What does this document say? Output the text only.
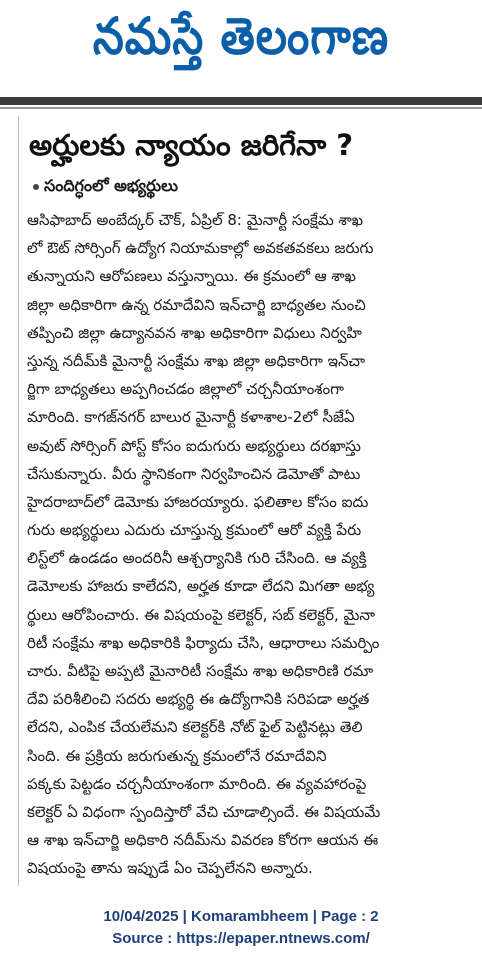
నమస్తే తెలంగాణ
అర్హులకు న్యాయం జరిగేనా ?
సందిగ్ధంలో అభ్యర్థులు
ఆసిఫాబాద్ అంబేద్కర్ చౌక్, ఏప్రిల్ 8: మైనార్టీ సంక్షేమ శాఖ
లో ఔట్ సోర్సింగ్ ఉద్యోగ నియామకాల్లో అవకతవకలు జరుగు
తున్నాయని ఆరోపణలు వస్తున్నాయి. ఈ క్రమంలో ఆ శాఖ
జిల్లా అధికారిగా ఉన్న రమాదేవిని ఇన్‌చార్జి బాధ్యతల నుంచి
తప్పించి జిల్లా ఉద్యానవన శాఖ అధికారిగా విధులు నిర్వహి
స్తున్న నదీమ్‌కి మైనార్టీ సంక్షేమ శాఖ జిల్లా అధికారిగా ఇన్‌చా
ర్జిగా బాధ్యతలు అప్పగించడం జిల్లాలో చర్చనీయాంశంగా
మారింది. కాగజ్‌నగర్ బాలుర మైనార్టీ కళాశాల-2లో సీజేఏ
అవుట్ సోర్సింగ్ పోస్ట్ కోసం ఐదుగురు అభ్యర్థులు దరఖాస్తు
చేసుకున్నారు. వీరు స్థానికంగా నిర్వహించిన డెమోతో పాటు
హైదరాబాద్‌లో డెమోకు హాజరయ్యారు. ఫలితాల కోసం ఐదు
గురు అభ్యర్థులు ఎదురు చూస్తున్న క్రమంలో ఆరో వ్యక్తి పేరు
లిస్ట్‌లో ఉండడం అందరినీ ఆశ్చర్యానికి గురి చేసింది. ఆ వ్యక్తి
డెమోలకు హాజరు కాలేదని, అర్హత కూడా లేదని మిగతా అభ్య
ర్థులు ఆరోపించారు. ఈ విషయంపై కలెక్టర్, సబ్ కలెక్టర్, మైనా
రిటీ సంక్షేమ శాఖ అధికారికి ఫిర్యాదు చేసి, ఆధారాలు సమర్పిం
చారు. వీటిపై అప్పటి మైనారిటీ సంక్షేమ శాఖ అధికారిణి రమా
దేవి పరిశీలించి సదరు అభ్యర్థి ఈ ఉద్యోగానికి సరిపడా అర్హత
లేదని, ఎంపిక చేయలేమని కలెక్టర్‌కి నోట్ ఫైల్ పెట్టినట్లు తెలి
సింది. ఈ ప్రక్రియ జరుగుతున్న క్రమంలోనే రమాదేవిని
పక్కకు పెట్టడం చర్చనీయాంశంగా మారింది. ఈ వ్యవహారంపై
కలెక్టర్ ఏ విధంగా స్పందిస్తారో వేచి చూడాల్సిందే. ఈ విషయమే
ఆ శాఖ ఇన్‌చార్జి అధికారి నదీమ్‌ను వివరణ కోరగా ఆయన ఈ
విషయంపై తాను ఇప్పుడే ఏం చెప్పలేనని అన్నారు.
10/04/2025 | Komarambheem | Page : 2
Source : https://epaper.ntnews.com/
